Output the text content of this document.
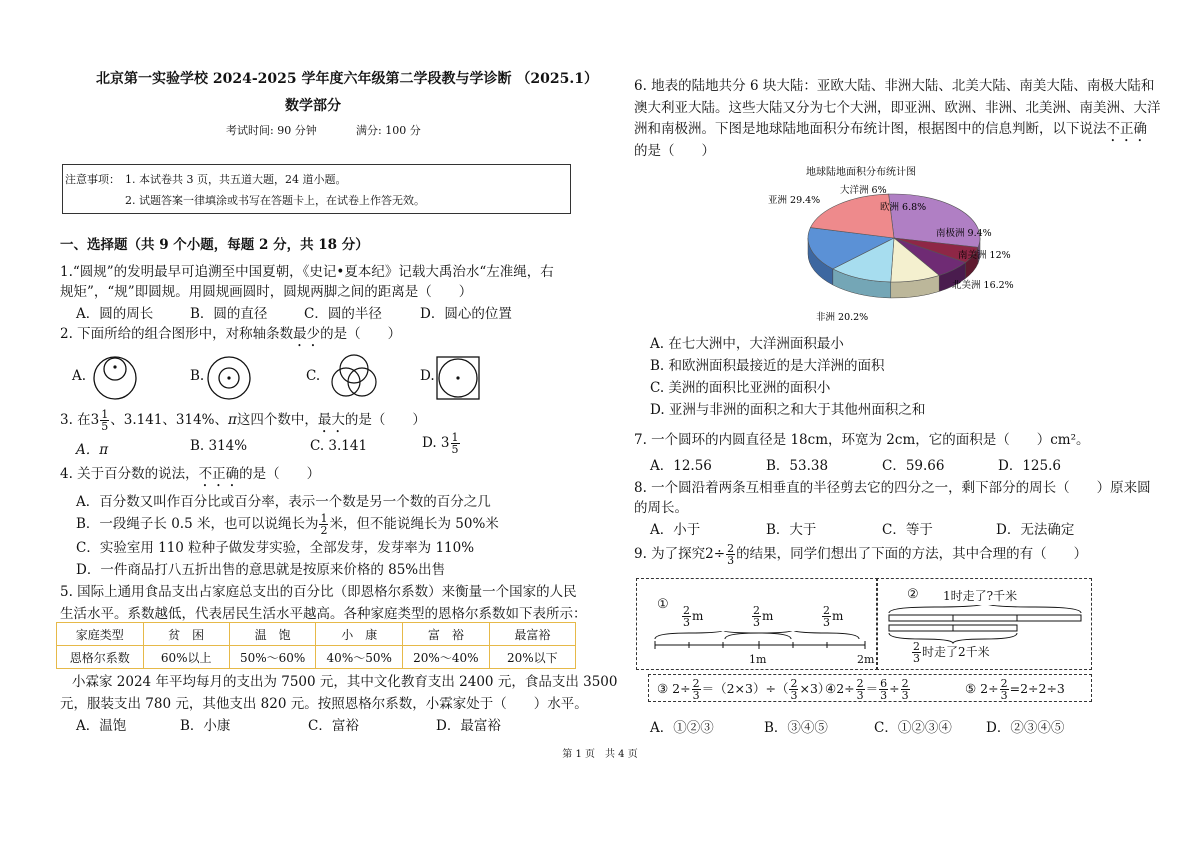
北京第一实验学校 2024-2025 学年度六年级第二学段教与学诊断 （2025.1）
数学部分
考试时间: 90 分钟	满分: 100 分
注意事项： 1. 本试卷共 3 页，共五道大题，24 道小题。
2. 试题答案一律填涂或书写在答题卡上，在试卷上作答无效。
一、选择题（共 9 个小题，每题 2 分，共 18 分）
1.“圆规”的发明最早可追溯至中国夏朝，《史记•夏本纪》记载大禹治水“左准绳，右
规矩”，“规”即圆规。用圆规画圆时，圆规两脚之间的距离是（　　）
A．圆的周长	B．圆的直径	C．圆的半径	D．圆心的位置
2. 下面所给的组合图形中，对称轴条数最少的是（　　）
A.	B.	C.	D.
3. 在$3 \frac{1}{5}$ 、3.141、314%、π这四个数中，最大的是（　　）
A．π	B. 314%	C. 3.141	D. $3 \frac{1}{5}$
4. 关于百分数的说法，不正确的是（　　）
A．百分数又叫作百分比或百分率，表示一个数是另一个数的百分之几
B．一段绳子长 0.5 米，也可以说绳长为 $\frac{1}{2}$ 米，但不能说绳长为 50%米
C．实验室用 110 粒种子做发芽实验，全部发芽，发芽率为 110%
D．一件商品打八五折出售的意思就是按原来价格的 85%出售
5. 国际上通用食品支出占家庭总支出的百分比（即恩格尔系数）来衡量一个国家的人民
生活水平。系数越低，代表居民生活水平越高。各种家庭类型的恩格尔系数如下表所示：
家庭类型	贫　困	温　饱	小　康	富　裕	最富裕
恩格尔系数	60%以上	50%～60%	40%～50%	20%～40%	20%以下
小霖家 2024 年平均每月的支出为 7500 元，其中文化教育支出 2400 元，食品支出 3500
元，服装支出 780 元，其他支出 820 元。按照恩格尔系数，小霖家处于（　　）水平。
A．温饱	B．小康	C．富裕	D．最富裕
6. 地表的陆地共分 6 块大陆：亚欧大陆、非洲大陆、北美大陆、南美大陆、南极大陆和
澳大利亚大陆。这些大陆又分为七个大洲，即亚洲、欧洲、非洲、北美洲、南美洲、大洋
洲和南极洲。下图是地球陆地面积分布统计图，根据图中的信息判断，以下说法不正确
的是（　　）
地球陆地面积分布统计图
亚洲 29.4%
大洋洲 6%
欧洲 6.8%
南极洲 9.4%
南美洲 12%
北美洲 16.2%
非洲 20.2%
A. 在七大洲中，大洋洲面积最小
B. 和欧洲面积最接近的是大洋洲的面积
C. 美洲的面积比亚洲的面积小
D. 亚洲与非洲的面积之和大于其他州面积之和
7. 一个圆环的内圆直径是 18cm，环宽为 2cm，它的面积是（　　）cm²。
A．12.56	B．53.38	C．59.66	D．125.6
8. 一个圆沿着两条互相垂直的半径剪去它的四分之一，剩下部分的周长（　　）原来圆
的周长。
A．小于	B．大于	C．等于	D．无法确定
9. 为了探究$2\div \frac{2}{3}$ 的结果，同学们想出了下面的方法，其中合理的有（　　）
①
$\frac{2}{3}$ m	$\frac{2}{3}$ m	$\frac{2}{3}$ m
1m	2m
② 1时走了?千米
$\frac{2}{3}$ 时走了2千米
③ $2\div \frac{2}{3} =(2\times 3)\div( \frac{2}{3} \times 3)$
④2÷ $\frac{2}{3} = \frac{6}{3} \div \frac{2}{3}$	⑤ $2\div \frac{2}{3} =2\div 2\div 3$
A．①②③	B．③④⑤	C．①②③④	D．②③④⑤
第 1 页　共 4 页
